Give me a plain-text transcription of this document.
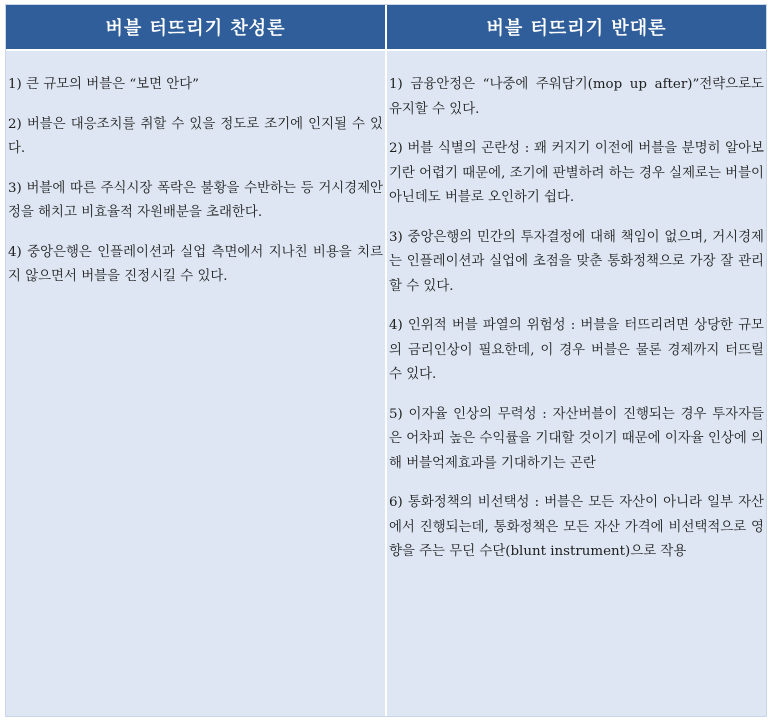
버블 터뜨리기 찬성론
1) 큰 규모의 버블은 “보면 안다”
2) 버블은 대응조치를 취할 수 있을 정도로 조기에 인지될 수 있다.
3) 버블에 따른 주식시장 폭락은 불황을 수반하는 등 거시경제안정을 해치고 비효율적 자원배분을 초래한다.
4) 중앙은행은 인플레이션과 실업 측면에서 지나친 비용을 치르지 않으면서 버블을 진정시킬 수 있다.
버블 터뜨리기 반대론
1) 금융안정은 “나중에 주워담기(mop up after)”전략으로도 유지할 수 있다.
2) 버블 식별의 곤란성 : 꽤 커지기 이전에 버블을 분명히 알아보기란 어렵기 때문에, 조기에 판별하려 하는 경우 실제로는 버블이 아닌데도 버블로 오인하기 쉽다.
3) 중앙은행의 민간의 투자결정에 대해 책임이 없으며, 거시경제는 인플레이션과 실업에 초점을 맞춘 통화정책으로 가장 잘 관리할 수 있다.
4) 인위적 버블 파열의 위험성 : 버블을 터뜨리려면 상당한 규모의 금리인상이 필요한데, 이 경우 버블은 물론 경제까지 터뜨릴 수 있다.
5) 이자율 인상의 무력성 : 자산버블이 진행되는 경우 투자자들은 어차피 높은 수익률을 기대할 것이기 때문에 이자율 인상에 의해 버블억제효과를 기대하기는 곤란
6) 통화정책의 비선택성 : 버블은 모든 자산이 아니라 일부 자산에서 진행되는데, 통화정책은 모든 자산 가격에 비선택적으로 영향을 주는 무딘 수단(blunt instrument)으로 작용
